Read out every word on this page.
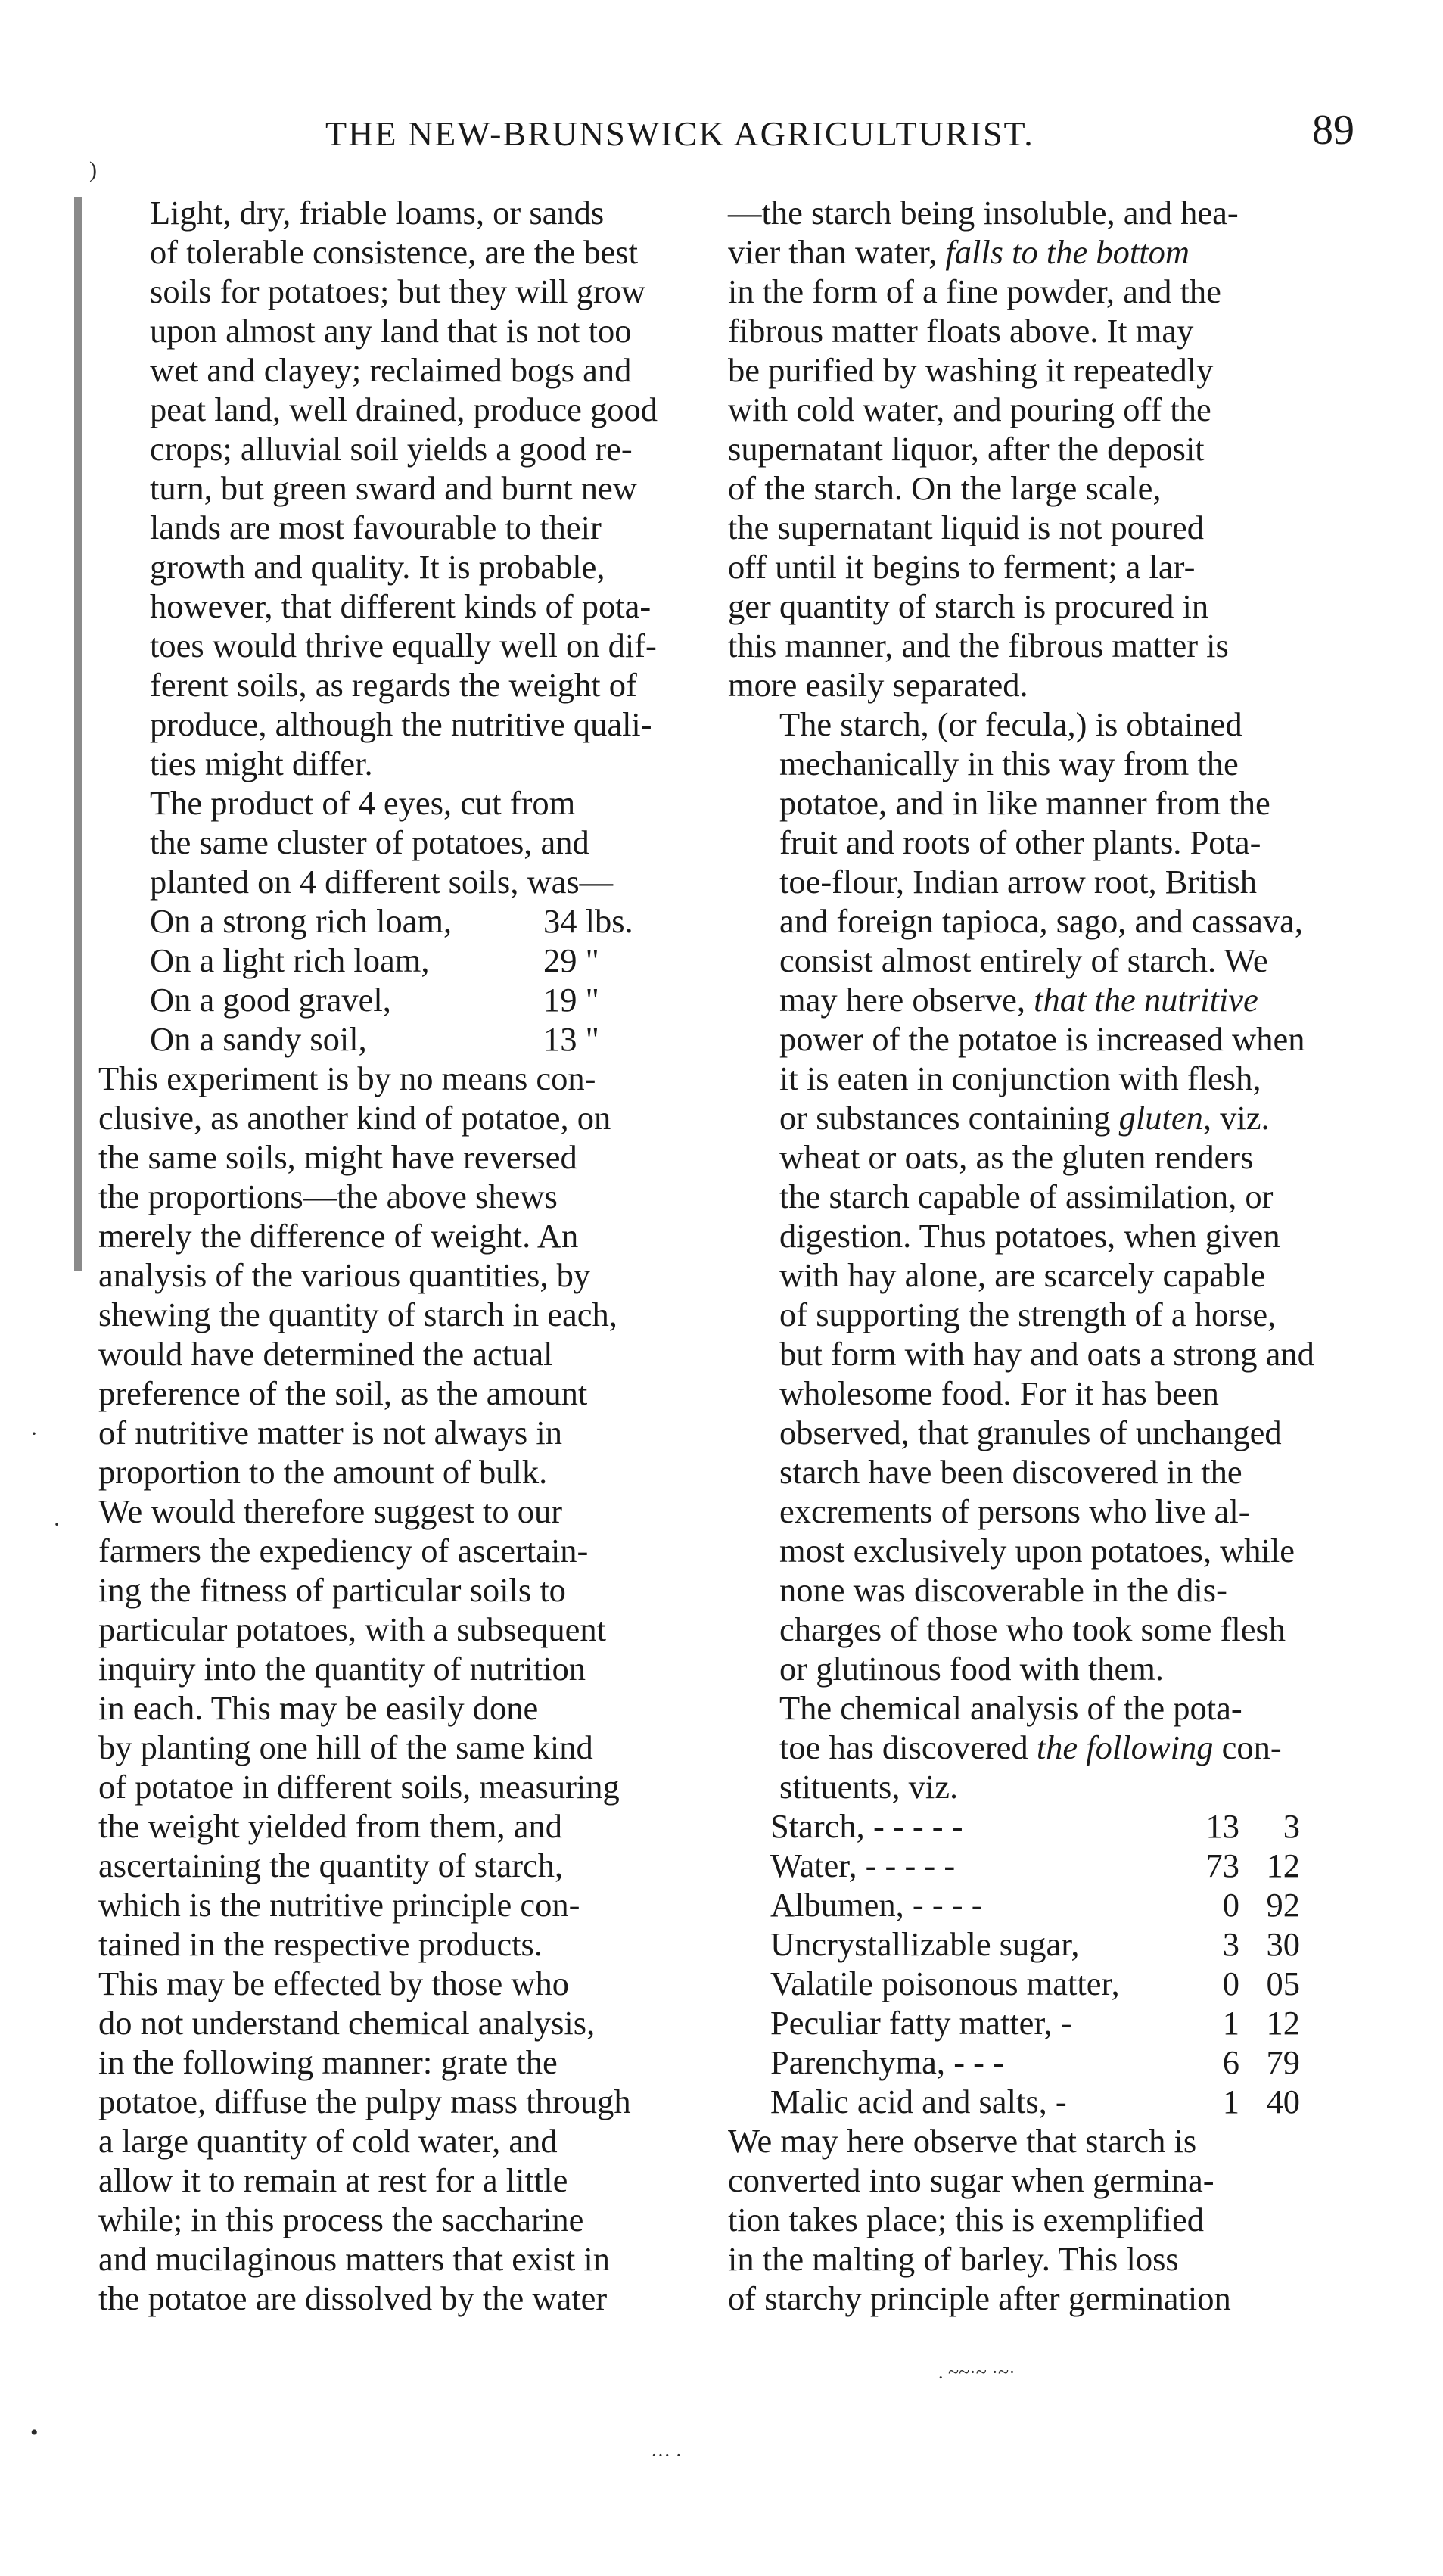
)
·
·
•
THE NEW-BRUNSWICK AGRICULTURIST.	89

Light, dry, friable loams, or sands
of tolerable consistence, are the best
soils for potatoes; but they will grow
upon almost any land that is not too
wet and clayey; reclaimed bogs and
peat land, well drained, produce good
crops; alluvial soil yields a good re-
turn, but green sward and burnt new
lands are most favourable to their
growth and quality. It is probable,
however, that different kinds of pota-
toes would thrive equally well on dif-
ferent soils, as regards the weight of
produce, although the nutritive quali-
ties might differ.

The product of 4 eyes, cut from
the same cluster of potatoes, and
planted on 4 different soils, was—

On a strong rich loam,	34 lbs.
On a light rich loam,	29 "
On a good gravel,	19 "
On a sandy soil,	13 "

This experiment is by no means con-
clusive, as another kind of potatoe, on
the same soils, might have reversed
the proportions—the above shews
merely the difference of weight. An
analysis of the various quantities, by
shewing the quantity of starch in each,
would have determined the actual
preference of the soil, as the amount
of nutritive matter is not always in
proportion to the amount of bulk.
We would therefore suggest to our
farmers the expediency of ascertain-
ing the fitness of particular soils to
particular potatoes, with a subsequent
inquiry into the quantity of nutrition
in each. This may be easily done
by planting one hill of the same kind
of potatoe in different soils, measuring
the weight yielded from them, and
ascertaining the quantity of starch,
which is the nutritive principle con-
tained in the respective products.
This may be effected by those who
do not understand chemical analysis,
in the following manner: grate the
potatoe, diffuse the pulpy mass through
a large quantity of cold water, and
allow it to remain at rest for a little
while; in this process the saccharine
and mucilaginous matters that exist in
the potatoe are dissolved by the water

—the starch being insoluble, and hea-
vier than water, falls to the bottom
in the form of a fine powder, and the
fibrous matter floats above. It may
be purified by washing it repeatedly
with cold water, and pouring off the
supernatant liquor, after the deposit
of the starch. On the large scale,
the supernatant liquid is not poured
off until it begins to ferment; a lar-
ger quantity of starch is procured in
this manner, and the fibrous matter is
more easily separated.

The starch, (or fecula,) is obtained
mechanically in this way from the
potatoe, and in like manner from the
fruit and roots of other plants. Pota-
toe-flour, Indian arrow root, British
and foreign tapioca, sago, and cassava,
consist almost entirely of starch. We
may here observe, that the nutritive
power of the potatoe is increased when
it is eaten in conjunction with flesh,
or substances containing gluten, viz.
wheat or oats, as the gluten renders
the starch capable of assimilation, or
digestion. Thus potatoes, when given
with hay alone, are scarcely capable
of supporting the strength of a horse,
but form with hay and oats a strong and
wholesome food. For it has been
observed, that granules of unchanged
starch have been discovered in the
excrements of persons who live al-
most exclusively upon potatoes, while
none was discoverable in the dis-
charges of those who took some flesh
or glutinous food with them.

The chemical analysis of the pota-
toe has discovered the following con-
stituents, viz.

Starch, - - - - -	13	3
Water, - - - - -	73	12
Albumen, - - - -	0	92
Uncrystallizable sugar,	3	30
Valatile poisonous matter,	0	05
Peculiar fatty matter, -	1	12
Parenchyma, - - -	6	79
Malic acid and salts, -	1	40

We may here observe that starch is
converted into sugar when germina-
tion takes place; this is exemplified
in the malting of barley. This loss
of starchy principle after germination

. ~~·~ ·~·
··· ·
